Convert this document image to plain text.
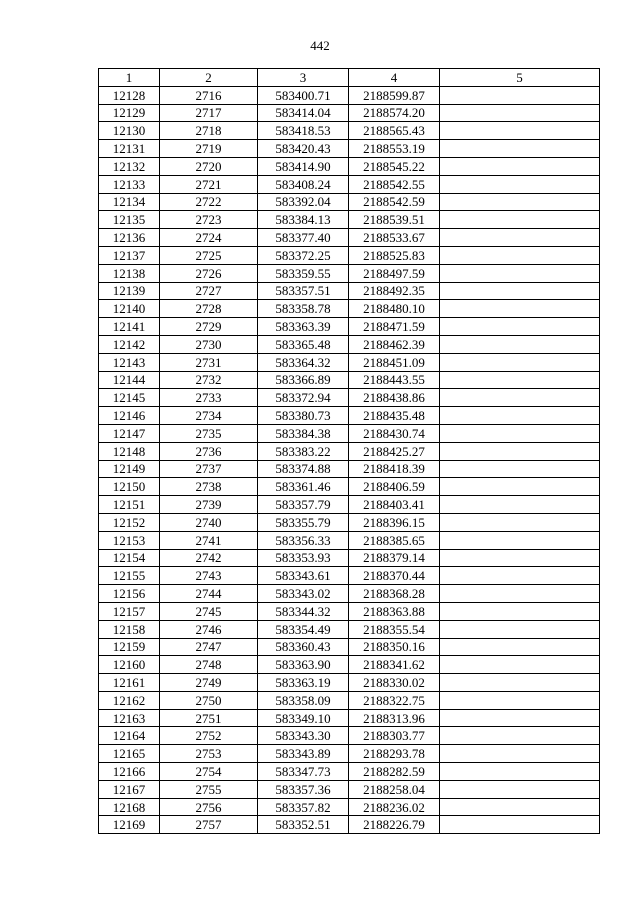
442
1	2	3	4	5
12128	2716	583400.71	2188599.87	
12129	2717	583414.04	2188574.20	
12130	2718	583418.53	2188565.43	
12131	2719	583420.43	2188553.19	
12132	2720	583414.90	2188545.22	
12133	2721	583408.24	2188542.55	
12134	2722	583392.04	2188542.59	
12135	2723	583384.13	2188539.51	
12136	2724	583377.40	2188533.67	
12137	2725	583372.25	2188525.83	
12138	2726	583359.55	2188497.59	
12139	2727	583357.51	2188492.35	
12140	2728	583358.78	2188480.10	
12141	2729	583363.39	2188471.59	
12142	2730	583365.48	2188462.39	
12143	2731	583364.32	2188451.09	
12144	2732	583366.89	2188443.55	
12145	2733	583372.94	2188438.86	
12146	2734	583380.73	2188435.48	
12147	2735	583384.38	2188430.74	
12148	2736	583383.22	2188425.27	
12149	2737	583374.88	2188418.39	
12150	2738	583361.46	2188406.59	
12151	2739	583357.79	2188403.41	
12152	2740	583355.79	2188396.15	
12153	2741	583356.33	2188385.65	
12154	2742	583353.93	2188379.14	
12155	2743	583343.61	2188370.44	
12156	2744	583343.02	2188368.28	
12157	2745	583344.32	2188363.88	
12158	2746	583354.49	2188355.54	
12159	2747	583360.43	2188350.16	
12160	2748	583363.90	2188341.62	
12161	2749	583363.19	2188330.02	
12162	2750	583358.09	2188322.75	
12163	2751	583349.10	2188313.96	
12164	2752	583343.30	2188303.77	
12165	2753	583343.89	2188293.78	
12166	2754	583347.73	2188282.59	
12167	2755	583357.36	2188258.04	
12168	2756	583357.82	2188236.02	
12169	2757	583352.51	2188226.79	
